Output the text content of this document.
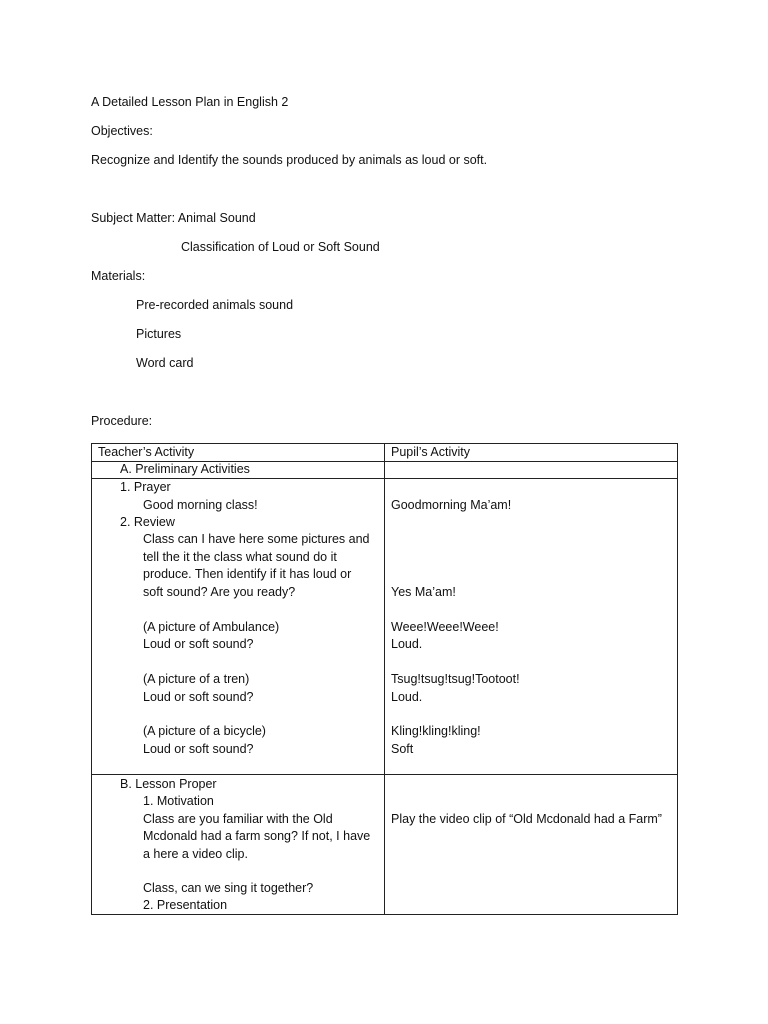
A Detailed Lesson Plan in English 2
Objectives:
Recognize and Identify the sounds produced by animals as loud or soft.
Subject Matter: Animal Sound
Classification of Loud or Soft Sound
Materials:
Pre-recorded animals sound
Pictures
Word card
Procedure:
Teacher’s Activity	Pupil’s Activity
A. Preliminary Activities
1. Prayer
Good morning class!
2. Review
Class can I have here some pictures and
tell the it the class what sound do it
produce. Then identify if it has loud or
soft sound? Are you ready?
(A picture of Ambulance)
Loud or soft sound?
(A picture of a tren)
Loud or soft sound?
(A picture of a bicycle)
Loud or soft sound?
Goodmorning Ma’am!
Yes Ma’am!
Weee!Weee!Weee!
Loud.
Tsug!tsug!tsug!Tootoot!
Loud.
Kling!kling!kling!
Soft
B. Lesson Proper
1. Motivation
Class are you familiar with the Old
Mcdonald had a farm song? If not, I have
a here a video clip.
Class, can we sing it together?
2. Presentation
Play the video clip of “Old Mcdonald had a Farm”
